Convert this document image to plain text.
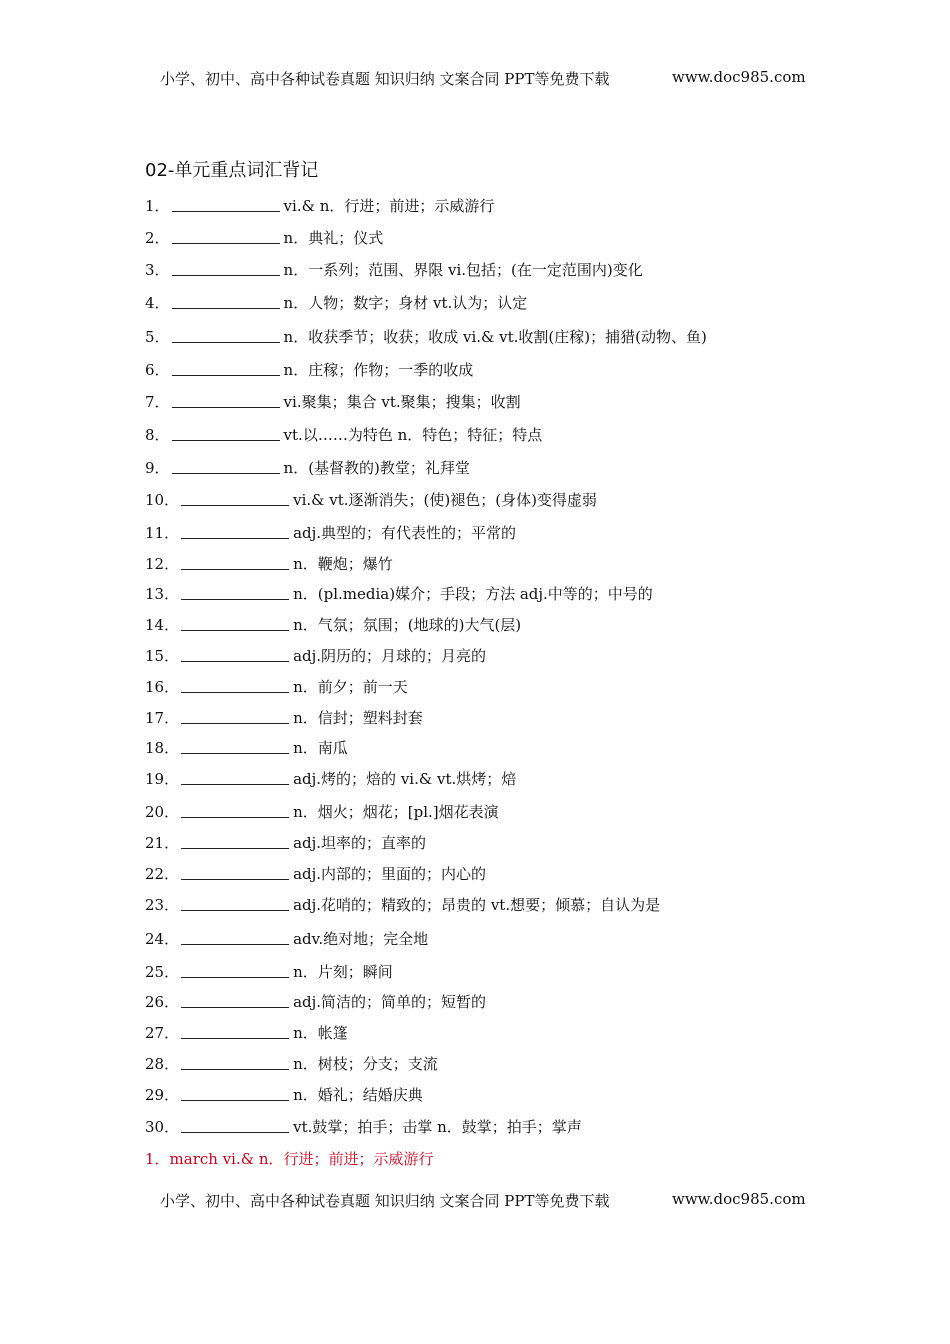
小学、初中、高中各种试卷真题 知识归纳 文案合同 PPT等免费下载	www.doc985.com
02-单元重点词汇背记
1．	vi.& n．行进；前进；示威游行
2．	n．典礼；仪式
3．	n．一系列；范围、界限 vi.包括；(在一定范围内)变化
4．	n．人物；数字；身材 vt.认为；认定
5．	n．收获季节；收获；收成 vi.& vt.收割(庄稼)；捕猎(动物、鱼)
6．	n．庄稼；作物；一季的收成
7．	vi.聚集；集合 vt.聚集；搜集；收割
8．	vt.以……为特色 n．特色；特征；特点
9．	n．(基督教的)教堂；礼拜堂
10．	vi.& vt.逐渐消失；(使)褪色；(身体)变得虚弱
11．	adj.典型的；有代表性的；平常的
12．	n．鞭炮；爆竹
13．	n．(pl.media)媒介；手段；方法 adj.中等的；中号的
14．	n．气氛；氛围；(地球的)大气(层)
15．	adj.阴历的；月球的；月亮的
16．	n．前夕；前一天
17．	n．信封；塑料封套
18．	n．南瓜
19．	adj.烤的；焙的 vi.& vt.烘烤；焙
20．	n．烟火；烟花；[pl.]烟花表演
21．	adj.坦率的；直率的
22．	adj.内部的；里面的；内心的
23．	adj.花哨的；精致的；昂贵的 vt.想要；倾慕；自认为是
24．	adv.绝对地；完全地
25．	n．片刻；瞬间
26．	adj.简洁的；简单的；短暂的
27．	n．帐篷
28．	n．树枝；分支；支流
29．	n．婚礼；结婚庆典
30．	vt.鼓掌；拍手；击掌 n．鼓掌；拍手；掌声
1．march vi.& n．行进；前进；示威游行
小学、初中、高中各种试卷真题 知识归纳 文案合同 PPT等免费下载	www.doc985.com
